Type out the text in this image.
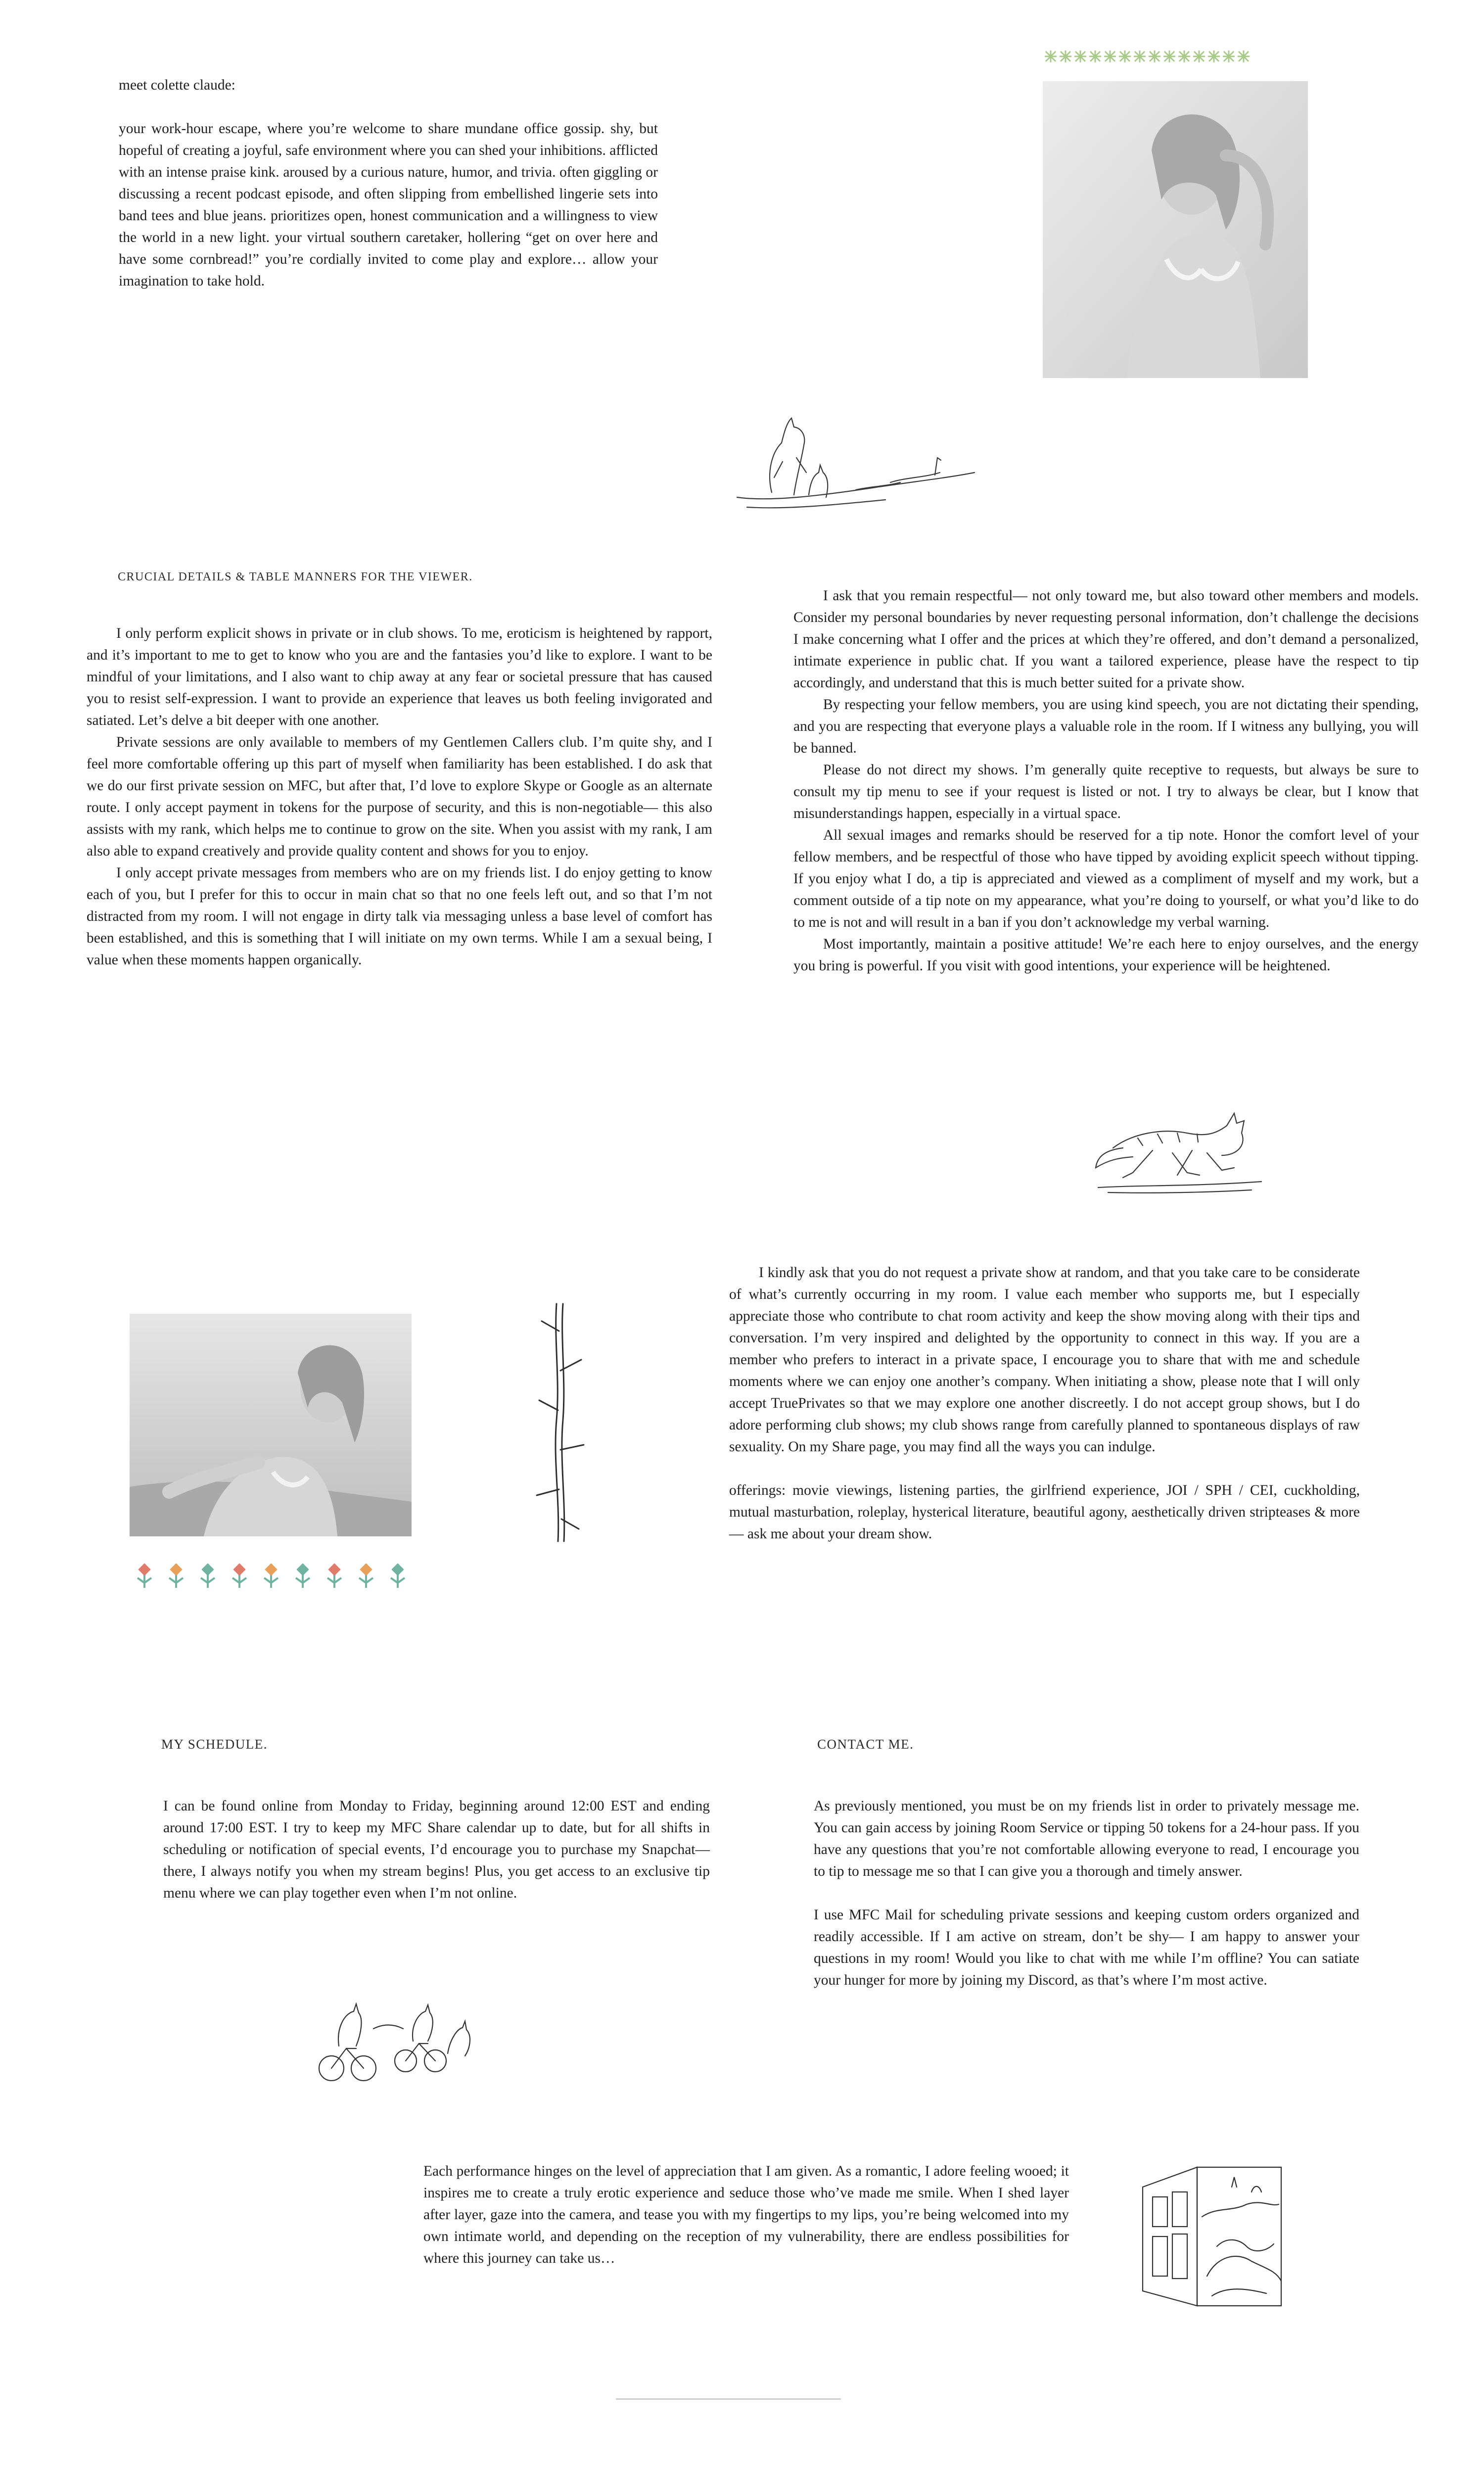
meet colette claude:
your work-hour escape, where you’re welcome to share mundane office gossip. shy, but hopeful of creating a joyful, safe environment where you can shed your inhibitions. afflicted with an intense praise kink. aroused by a curious nature, humor, and trivia. often giggling or discussing a recent podcast episode, and often slipping from embellished lingerie sets into band tees and blue jeans. prioritizes open, honest communication and a willingness to view the world in a new light. your virtual southern caretaker, hollering “get on over here and have some cornbread!” you’re cordially invited to come play and explore… allow your imagination to take hold.
CRUCIAL DETAILS & TABLE MANNERS FOR THE VIEWER.
I only perform explicit shows in private or in club shows. To me, eroticism is heightened by rapport, and it’s important to me to get to know who you are and the fantasies you’d like to explore. I want to be mindful of your limitations, and I also want to chip away at any fear or societal pressure that has caused you to resist self-expression. I want to provide an experience that leaves us both feeling invigorated and satiated. Let’s delve a bit deeper with one another.
Private sessions are only available to members of my Gentlemen Callers club. I’m quite shy, and I feel more comfortable offering up this part of myself when familiarity has been established. I do ask that we do our first private session on MFC, but after that, I’d love to explore Skype or Google as an alternate route. I only accept payment in tokens for the purpose of security, and this is non-negotiable— this also assists with my rank, which helps me to continue to grow on the site. When you assist with my rank, I am also able to expand creatively and provide quality content and shows for you to enjoy.
I only accept private messages from members who are on my friends list. I do enjoy getting to know each of you, but I prefer for this to occur in main chat so that no one feels left out, and so that I’m not distracted from my room. I will not engage in dirty talk via messaging unless a base level of comfort has been established, and this is something that I will initiate on my own terms. While I am a sexual being, I value when these moments happen organically.
I ask that you remain respectful— not only toward me, but also toward other members and models. Consider my personal boundaries by never requesting personal information, don’t challenge the decisions I make concerning what I offer and the prices at which they’re offered, and don’t demand a personalized, intimate experience in public chat. If you want a tailored experience, please have the respect to tip accordingly, and understand that this is much better suited for a private show.
By respecting your fellow members, you are using kind speech, you are not dictating their spending, and you are respecting that everyone plays a valuable role in the room. If I witness any bullying, you will be banned.
Please do not direct my shows. I’m generally quite receptive to requests, but always be sure to consult my tip menu to see if your request is listed or not. I try to always be clear, but I know that misunderstandings happen, especially in a virtual space.
All sexual images and remarks should be reserved for a tip note. Honor the comfort level of your fellow members, and be respectful of those who have tipped by avoiding explicit speech without tipping. If you enjoy what I do, a tip is appreciated and viewed as a compliment of myself and my work, but a comment outside of a tip note on my appearance, what you’re doing to yourself, or what you’d like to do to me is not and will result in a ban if you don’t acknowledge my verbal warning.
Most importantly, maintain a positive attitude! We’re each here to enjoy ourselves, and the energy you bring is powerful. If you visit with good intentions, your experience will be heightened.
I kindly ask that you do not request a private show at random, and that you take care to be considerate of what’s currently occurring in my room. I value each member who supports me, but I especially appreciate those who contribute to chat room activity and keep the show moving along with their tips and conversation. I’m very inspired and delighted by the opportunity to connect in this way. If you are a member who prefers to interact in a private space, I encourage you to share that with me and schedule moments where we can enjoy one another’s company. When initiating a show, please note that I will only accept TruePrivates so that we may explore one another discreetly. I do not accept group shows, but I do adore performing club shows; my club shows range from carefully planned to spontaneous displays of raw sexuality. On my Share page, you may find all the ways you can indulge.
offerings: movie viewings, listening parties, the girlfriend experience, JOI / SPH / CEI, cuckholding, mutual masturbation, roleplay, hysterical literature, beautiful agony, aesthetically driven stripteases & more— ask me about your dream show.
MY SCHEDULE.
I can be found online from Monday to Friday, beginning around 12:00 EST and ending around 17:00 EST. I try to keep my MFC Share calendar up to date, but for all shifts in scheduling or notification of special events, I’d encourage you to purchase my Snapchat— there, I always notify you when my stream begins! Plus, you get access to an exclusive tip menu where we can play together even when I’m not online.
CONTACT ME.
As previously mentioned, you must be on my friends list in order to privately message me. You can gain access by joining Room Service or tipping 50 tokens for a 24-hour pass. If you have any questions that you’re not comfortable allowing everyone to read, I encourage you to tip to message me so that I can give you a thorough and timely answer.
I use MFC Mail for scheduling private sessions and keeping custom orders organized and readily accessible. If I am active on stream, don’t be shy— I am happy to answer your questions in my room! Would you like to chat with me while I’m offline? You can satiate your hunger for more by joining my Discord, as that’s where I’m most active.
Each performance hinges on the level of appreciation that I am given. As a romantic, I adore feeling wooed; it inspires me to create a truly erotic experience and seduce those who’ve made me smile. When I shed layer after layer, gaze into the camera, and tease you with my fingertips to my lips, you’re being welcomed into my own intimate world, and depending on the reception of my vulnerability, there are endless possibilities for where this journey can take us…
